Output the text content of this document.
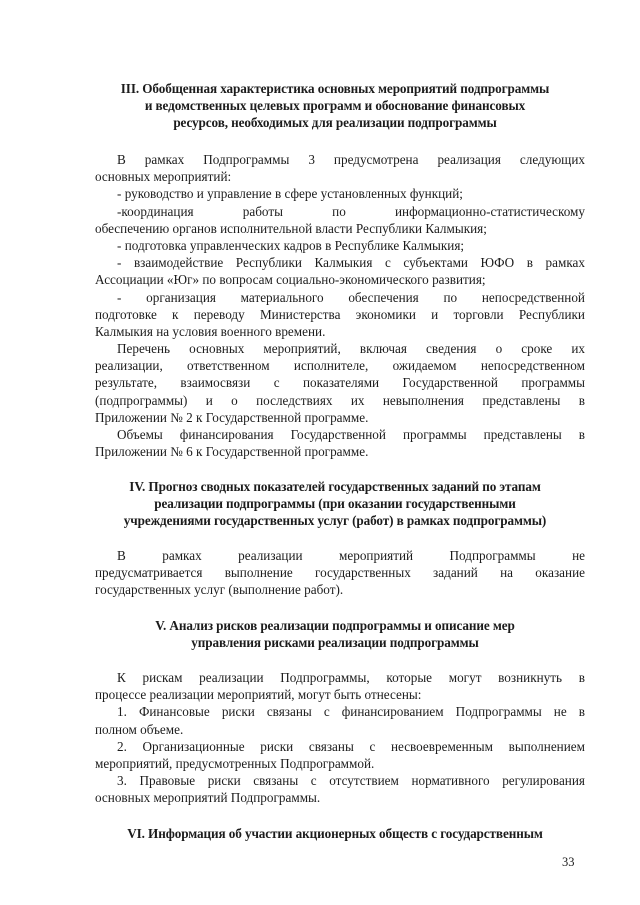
III. Обобщенная характеристика основных мероприятий подпрограммы
и ведомственных целевых программ и обоснование финансовых
ресурсов, необходимых для реализации подпрограммы
В рамках Подпрограммы 3 предусмотрена реализация следующих
основных мероприятий:
- руководство и управление в сфере установленных функций;
-координация работы по информационно-статистическому
обеспечению органов исполнительной власти Республики Калмыкия;
- подготовка управленческих кадров в Республике Калмыкия;
- взаимодействие Республики Калмыкия с субъектами ЮФО в рамках
Ассоциации «Юг» по вопросам социально-экономического развития;
- организация материального обеспечения по непосредственной
подготовке к переводу Министерства экономики и торговли Республики
Калмыкия на условия военного времени.
Перечень основных мероприятий, включая сведения о сроке их
реализации, ответственном исполнителе, ожидаемом непосредственном
результате, взаимосвязи с показателями Государственной программы
(подпрограммы) и о последствиях их невыполнения представлены в
Приложении № 2 к Государственной программе.
Объемы финансирования Государственной программы представлены в
Приложении № 6 к Государственной программе.
IV. Прогноз сводных показателей государственных заданий по этапам
реализации подпрограммы (при оказании государственными
учреждениями государственных услуг (работ) в рамках подпрограммы)
В рамках реализации мероприятий Подпрограммы не
предусматривается выполнение государственных заданий на оказание
государственных услуг (выполнение работ).
V. Анализ рисков реализации подпрограммы и описание мер
управления рисками реализации подпрограммы
К рискам реализации Подпрограммы, которые могут возникнуть в
процессе реализации мероприятий, могут быть отнесены:
1. Финансовые риски связаны с финансированием Подпрограммы не в
полном объеме.
2. Организационные риски связаны с несвоевременным выполнением
мероприятий, предусмотренных Подпрограммой.
3. Правовые риски связаны с отсутствием нормативного регулирования
основных мероприятий Подпрограммы.
VI. Информация об участии акционерных обществ с государственным
33
